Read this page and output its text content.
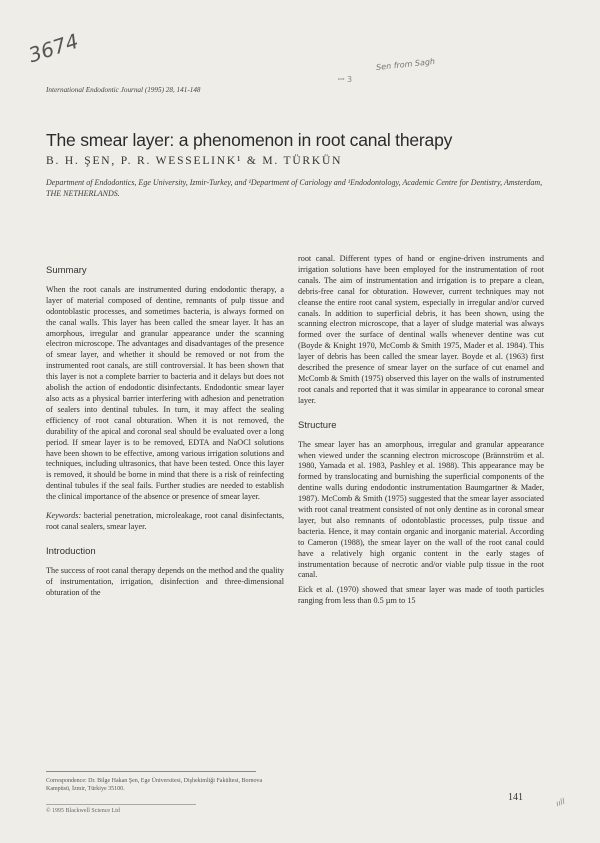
3674	Sen from Sagh
ꟷ 3
ııll
International Endodontic Journal (1995) 28, 141-148
The smear layer: a phenomenon in root canal therapy
B. H. ŞEN, P. R. WESSELINK¹ & M. TÜRKÜN
Department of Endodontics, Ege University, Izmir-Turkey, and ¹Department of Cariology and ¹Endodontology, Academic Centre for Dentistry, Amsterdam, THE NETHERLANDS.
Summary

When the root canals are instrumented during endodontic therapy, a layer of material composed of dentine, remnants of pulp tissue and odontoblastic processes, and sometimes bacteria, is always formed on the canal walls. This layer has been called the smear layer. It has an amorphous, irregular and granular appearance under the scanning electron microscope. The advantages and disadvantages of the presence of smear layer, and whether it should be removed or not from the instrumented root canals, are still controversial. It has been shown that this layer is not a complete barrier to bacteria and it delays but does not abolish the action of endodontic disinfectants. Endodontic smear layer also acts as a physical barrier interfering with adhesion and penetration of sealers into dentinal tubules. In turn, it may affect the sealing efficiency of root canal obturation. When it is not removed, the durability of the apical and coronal seal should be evaluated over a long period. If smear layer is to be removed, EDTA and NaOCl solutions have been shown to be effective, among various irrigation solutions and techniques, including ultrasonics, that have been tested. Once this layer is removed, it should be borne in mind that there is a risk of reinfecting dentinal tubules if the seal fails. Further studies are needed to establish the clinical importance of the absence or presence of smear layer.

Keywords: bacterial penetration, microleakage, root canal disinfectants, root canal sealers, smear layer.

Introduction

The success of root canal therapy depends on the method and the quality of instrumentation, irrigation, disinfection and three-dimensional obturation of the

root canal. Different types of hand or engine-driven instruments and irrigation solutions have been employed for the instrumentation of root canals. The aim of instrumentation and irrigation is to prepare a clean, debris-free canal for obturation. However, current techniques may not cleanse the entire root canal system, especially in irregular and/or curved canals. In addition to superficial debris, it has been shown, using the scanning electron microscope, that a layer of sludge material was always formed over the surface of dentinal walls whenever dentine was cut (Boyde & Knight 1970, McComb & Smith 1975, Mader et al. 1984). This layer of debris has been called the smear layer. Boyde et al. (1963) first described the presence of smear layer on the surface of cut enamel and McComb & Smith (1975) observed this layer on the walls of instrumented root canals and reported that it was similar in appearance to coronal smear layer.

Structure

The smear layer has an amorphous, irregular and granular appearance when viewed under the scanning electron microscope (Brännström et al. 1980, Yamada et al. 1983, Pashley et al. 1988). This appearance may be formed by translocating and burnishing the superficial components of the dentine walls during endodontic instrumentation Baumgartner & Mader, 1987). McComb & Smith (1975) suggested that the smear layer associated with root canal treatment consisted of not only dentine as in coronal smear layer, but also remnants of odontoblastic processes, pulp tissue and bacteria. Hence, it may contain organic and inorganic material. According to Cameron (1988), the smear layer on the wall of the root canal could have a relatively high organic content in the early stages of instrumentation because of necrotic and/or viable pulp tissue in the root canal.

Eick et al. (1970) showed that smear layer was made of tooth particles ranging from less than 0.5 µm to 15

Correspondence: Dr. Bilge Hakan Şen, Ege Üniversitesi, Dişhekimliği Fakültesi, Bornova Kampüsü, İzmir, Türkiye 35100.
© 1995 Blackwell Science Ltd
141
